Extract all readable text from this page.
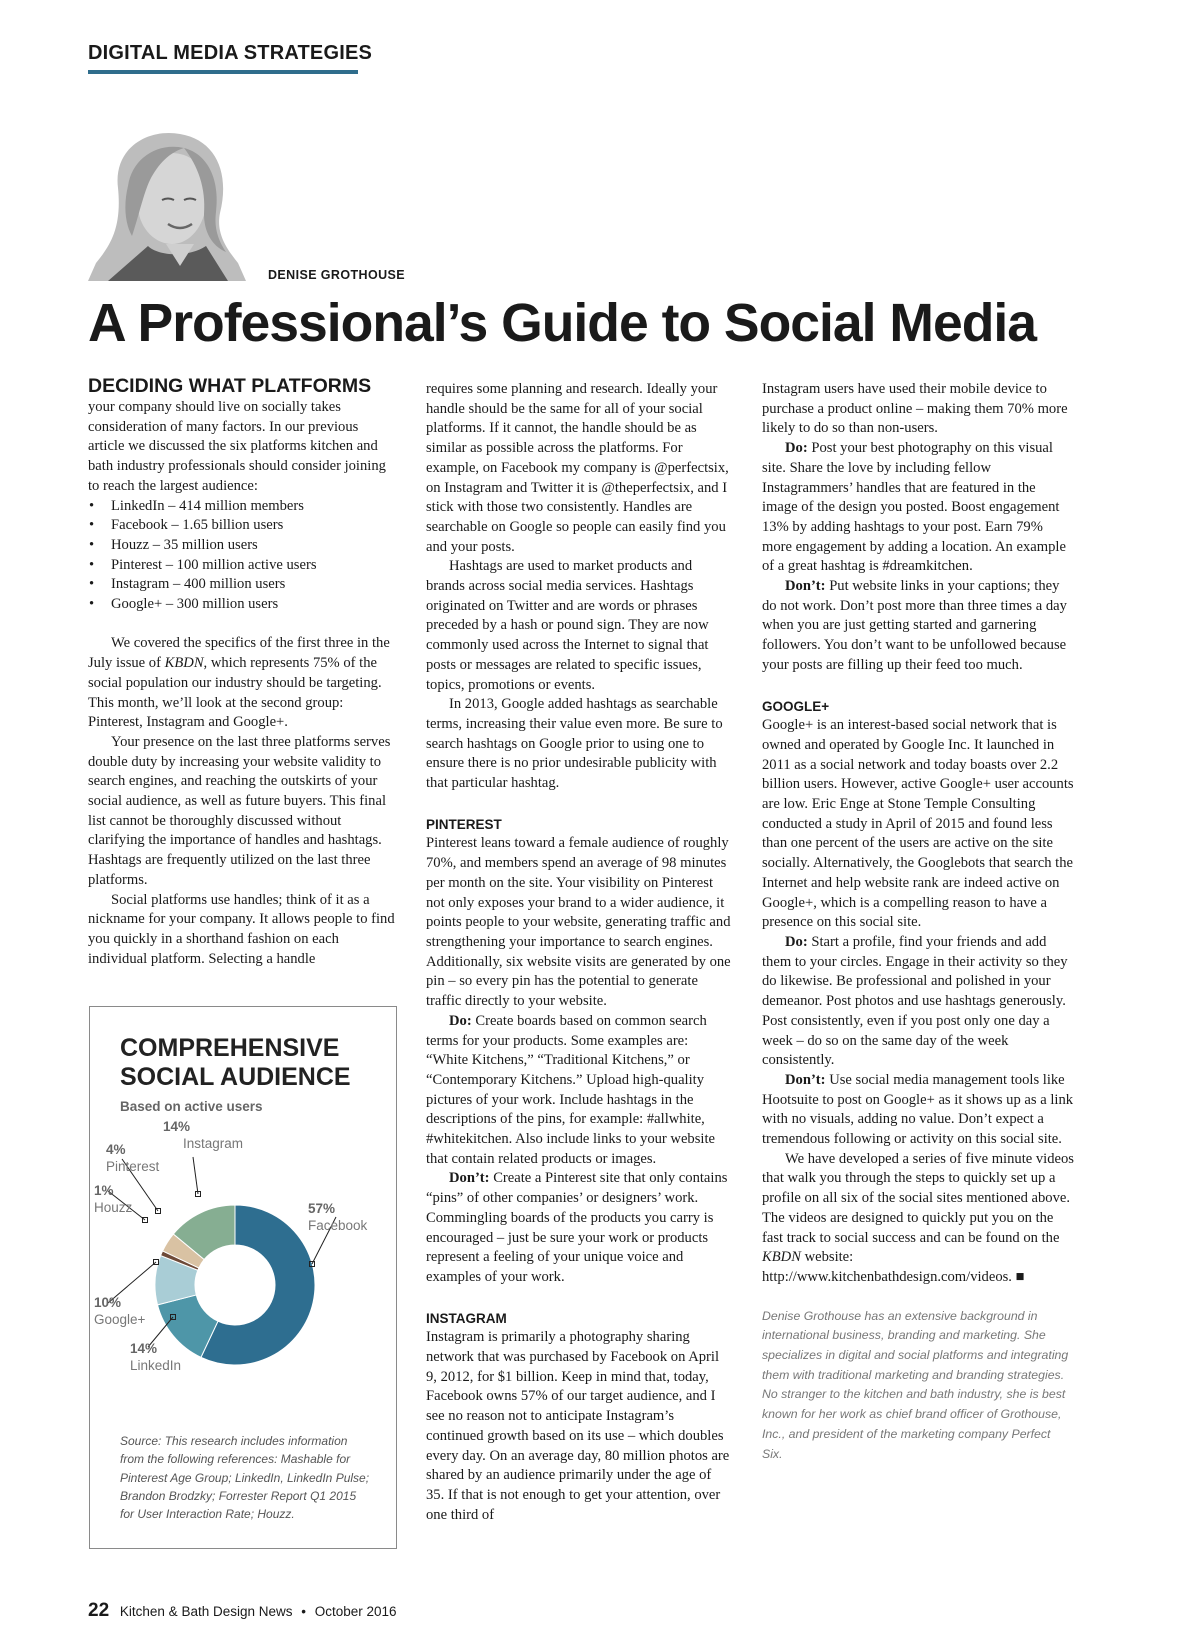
DIGITAL MEDIA STRATEGIES
DENISE GROTHOUSE
A Professional’s Guide to Social Media
DECIDING WHAT PLATFORMS

your company should live on socially takes consideration of many factors. In our previous article we discussed the six platforms kitchen and bath industry professionals should consider joining to reach the largest audience:

• LinkedIn – 414 million members
• Facebook – 1.65 billion users
• Houzz – 35 million users
• Pinterest – 100 million active users
• Instagram – 400 million users
• Google+ – 300 million users

We covered the specifics of the first three in the July issue of KBDN, which represents 75% of the social population our industry should be targeting. This month, we’ll look at the second group: Pinterest, Instagram and Google+.

Your presence on the last three platforms serves double duty by increasing your website validity to search engines, and reaching the outskirts of your social audience, as well as future buyers. This final list cannot be thoroughly discussed without clarifying the importance of handles and hashtags. Hashtags are frequently utilized on the last three platforms.

Social platforms use handles; think of it as a nickname for your company. It allows people to find you quickly in a shorthand fashion on each individual platform. Selecting a handle

COMPREHENSIVE
SOCIAL AUDIENCE
Based on active users
57%
Facebook
14%
LinkedIn
10%
Google+
1%
Houzz
4%
Pinterest
14%
Instagram
Source: This research includes information from the following references: Mashable for Pinterest Age Group; LinkedIn, LinkedIn Pulse; Brandon Brodzky; Forrester Report Q1 2015 for User Interaction Rate; Houzz.

requires some planning and research. Ideally your handle should be the same for all of your social platforms. If it cannot, the handle should be as similar as possible across the platforms. For example, on Facebook my company is @perfectsix, on Instagram and Twitter it is @theperfectsix, and I stick with those two consistently. Handles are searchable on Google so people can easily find you and your posts.

Hashtags are used to market products and brands across social media services. Hashtags originated on Twitter and are words or phrases preceded by a hash or pound sign. They are now commonly used across the Internet to signal that posts or messages are related to specific issues, topics, promotions or events.

In 2013, Google added hashtags as searchable terms, increasing their value even more. Be sure to search hashtags on Google prior to using one to ensure there is no prior undesirable publicity with that particular hashtag.

PINTEREST

Pinterest leans toward a female audience of roughly 70%, and members spend an average of 98 minutes per month on the site. Your visibility on Pinterest not only exposes your brand to a wider audience, it points people to your website, generating traffic and strengthening your importance to search engines. Additionally, six website visits are generated by one pin – so every pin has the potential to generate traffic directly to your website.

Do: Create boards based on common search terms for your products. Some examples are: “White Kitchens,” “Traditional Kitchens,” or “Contemporary Kitchens.” Upload high-quality pictures of your work. Include hashtags in the descriptions of the pins, for example: #allwhite, #whitekitchen. Also include links to your website that contain related products or images.

Don’t: Create a Pinterest site that only contains “pins” of other companies’ or designers’ work. Commingling boards of the products you carry is encouraged – just be sure your work or products represent a feeling of your unique voice and examples of your work.

INSTAGRAM

Instagram is primarily a photography sharing network that was purchased by Facebook on April 9, 2012, for $1 billion. Keep in mind that, today, Facebook owns 57% of our target audience, and I see no reason not to anticipate Instagram’s continued growth based on its use – which doubles every day. On an average day, 80 million photos are shared by an audience primarily under the age of 35. If that is not enough to get your attention, over one third of

Instagram users have used their mobile device to purchase a product online – making them 70% more likely to do so than non-users.

Do: Post your best photography on this visual site. Share the love by including fellow Instagrammers’ handles that are featured in the image of the design you posted. Boost engagement 13% by adding hashtags to your post. Earn 79% more engagement by adding a location. An example of a great hashtag is #dreamkitchen.

Don’t: Put website links in your captions; they do not work. Don’t post more than three times a day when you are just getting started and garnering followers. You don’t want to be unfollowed because your posts are filling up their feed too much.

GOOGLE+

Google+ is an interest-based social network that is owned and operated by Google Inc. It launched in 2011 as a social network and today boasts over 2.2 billion users. However, active Google+ user accounts are low. Eric Enge at Stone Temple Consulting conducted a study in April of 2015 and found less than one percent of the users are active on the site socially. Alternatively, the Googlebots that search the Internet and help website rank are indeed active on Google+, which is a compelling reason to have a presence on this social site.

Do: Start a profile, find your friends and add them to your circles. Engage in their activity so they do likewise. Be professional and polished in your demeanor. Post photos and use hashtags generously. Post consistently, even if you post only one day a week – do so on the same day of the week consistently.

Don’t: Use social media management tools like Hootsuite to post on Google+ as it shows up as a link with no visuals, adding no value. Don’t expect a tremendous following or activity on this social site.

We have developed a series of five minute videos that walk you through the steps to quickly set up a profile on all six of the social sites mentioned above. The videos are designed to quickly put you on the fast track to social success and can be found on the KBDN website: http://www.kitchenbathdesign.com/videos. ■

Denise Grothouse has an extensive background in international business, branding and marketing. She specializes in digital and social platforms and integrating them with traditional marketing and branding strategies. No stranger to the kitchen and bath industry, she is best known for her work as chief brand officer of Grothouse, Inc., and president of the marketing company Perfect Six.
22 Kitchen & Bath Design News • October 2016
